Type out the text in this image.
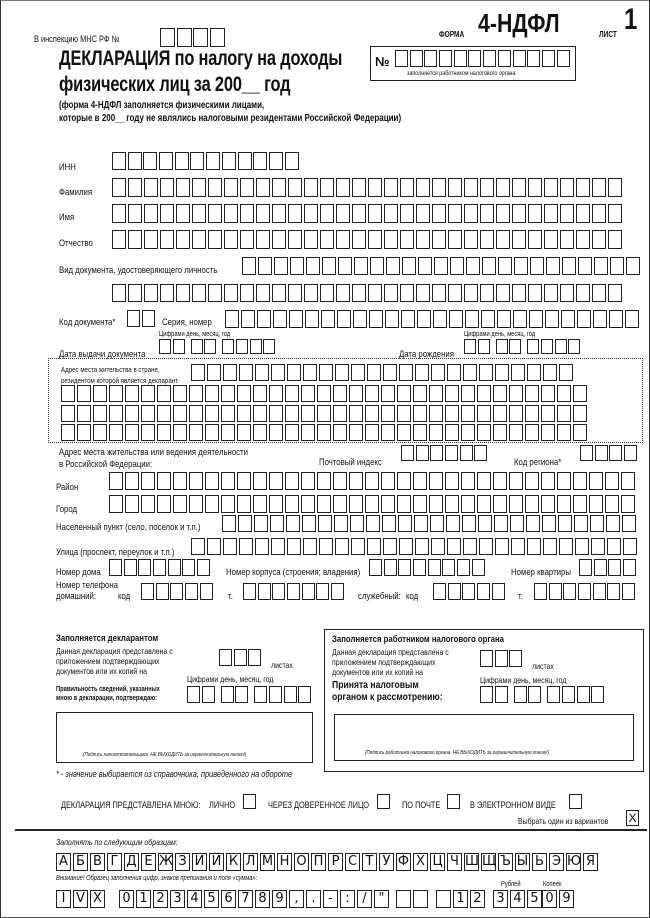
В инспекцию МНС РФ №	ФОРМА 4-НДФЛ	ЛИСТ 1
ДЕКЛАРАЦИЯ по налогу на доходы
физических лиц за 200__ год
(форма 4-НДФЛ заполняется физическими лицами,
которые в 200__ году не являлись налоговыми резидентами Российской Федерации)
№
заполняется работником налогового органа
ИНН
Фамилия
Имя
Отчество
Вид документа, удостоверяющего личность
Код документа*	Серия, номер
Цифрами день, месяц, год
Дата выдачи документа
Цифрами день, месяц, год
Дата рождения
Адрес места жительства в стране,
резидентом которой является декларант
Адрес места жительства или ведения деятельности
в Российской Федерации:	Почтовый индекс	Код региона*
Район
Город
Населенный пункт (село, поселок и т.п.)
Улица (проспект, переулок и т.п.)
Номер дома	Номер корпуса (строения; владения)	Номер квартиры
Номер телефона
домашний: код	т.	служебный: код	т.
Заполняется декларантом
Данная декларация представлена с
приложением подтверждающих
документов или их копий на
листах
Цифрами день, месяц, год
Правильность сведений, указанных
мною в декларации, подтверждаю:
(Подпись налогоплательщика. НЕ ВЫХОДИТЬ за ограничительную линию!)
* - значение выбирается из справочника, приведенного на обороте
Заполняется работником налогового органа
Данная декларация представлена с
приложением подтверждающих
документов или их копий на
листах
Цифрами день, месяц, год
Принята налоговым
органом к рассмотрению:
(Подпись работника налогового органа. НЕ ВЫХОДИТЬ за ограничительную линию!)
ДЕКЛАРАЦИЯ ПРЕДСТАВЛЕНА МНОЮ: ЛИЧНО	ЧЕРЕЗ ДОВЕРЕННОЕ ЛИЦО	ПО ПОЧТЕ	В ЭЛЕКТРОННОМ ВИДЕ
Выбрать один из вариантов X
Заполнять по следующим образцам:
А Б В Г Д Е Ж З И Й К Л М Н О П Р С Т У Ф Х Ц Ч Ш Щ Ъ Ы Ь Э Ю Я
Внимание! Образец заполнения цифр, знаков препинания и поля «сумма»:
Рублей	Копеек
I V X 0 1 2 3 4 5 6 7 8 9 , . - : / "	1 2 3 4 5 0 9
